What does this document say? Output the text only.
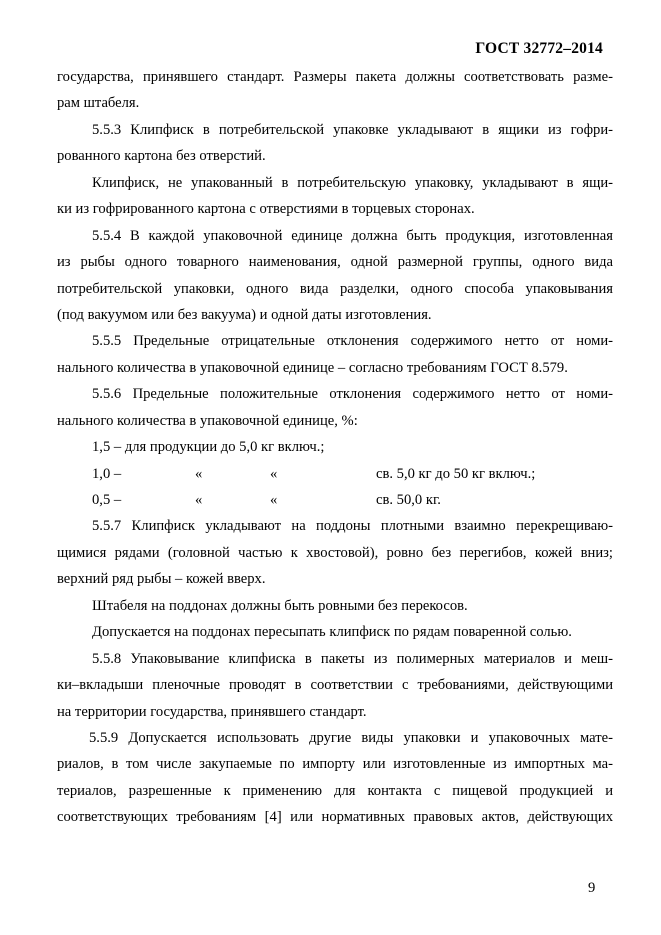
ГОСТ 32772–2014
государства, принявшего стандарт. Размеры пакета должны соответствовать разме-
рам штабеля.
5.5.3 Клипфиск в потребительской упаковке укладывают в ящики из гофри-
рованного картона без отверстий.
Клипфиск, не упакованный в потребительскую упаковку, укладывают в ящи-
ки из гофрированного картона с отверстиями в торцевых сторонах.
5.5.4 В каждой упаковочной единице должна быть продукция, изготовленная
из рыбы одного товарного наименования, одной размерной группы, одного вида
потребительской упаковки, одного вида разделки, одного способа упаковывания
(под вакуумом или без вакуума) и одной даты изготовления.
5.5.5 Предельные отрицательные отклонения содержимого нетто от номи-
нального количества в упаковочной единице – согласно требованиям ГОСТ 8.579.
5.5.6 Предельные положительные отклонения содержимого нетто от номи-
нального количества в упаковочной единице, %:
1,5 – для продукции до 5,0 кг включ.;
1,0 –	«	«	св. 5,0 кг до 50 кг включ.;
0,5 –	«	«	св. 50,0 кг.
5.5.7 Клипфиск укладывают на поддоны плотными взаимно перекрещиваю-
щимися рядами (головной частью к хвостовой), ровно без перегибов, кожей вниз;
верхний ряд рыбы – кожей вверх.
Штабеля на поддонах должны быть ровными без перекосов.
Допускается на поддонах пересыпать клипфиск по рядам поваренной солью.
5.5.8 Упаковывание клипфиска в пакеты из полимерных материалов и меш-
ки–вкладыши пленочные проводят в соответствии с требованиями, действующими
на территории государства, принявшего стандарт.
5.5.9 Допускается использовать другие виды упаковки и упаковочных мате-
риалов, в том числе закупаемые по импорту или изготовленные из импортных ма-
териалов, разрешенные к применению для контакта с пищевой продукцией и
соответствующих требованиям [4] или нормативных правовых актов, действующих
9
